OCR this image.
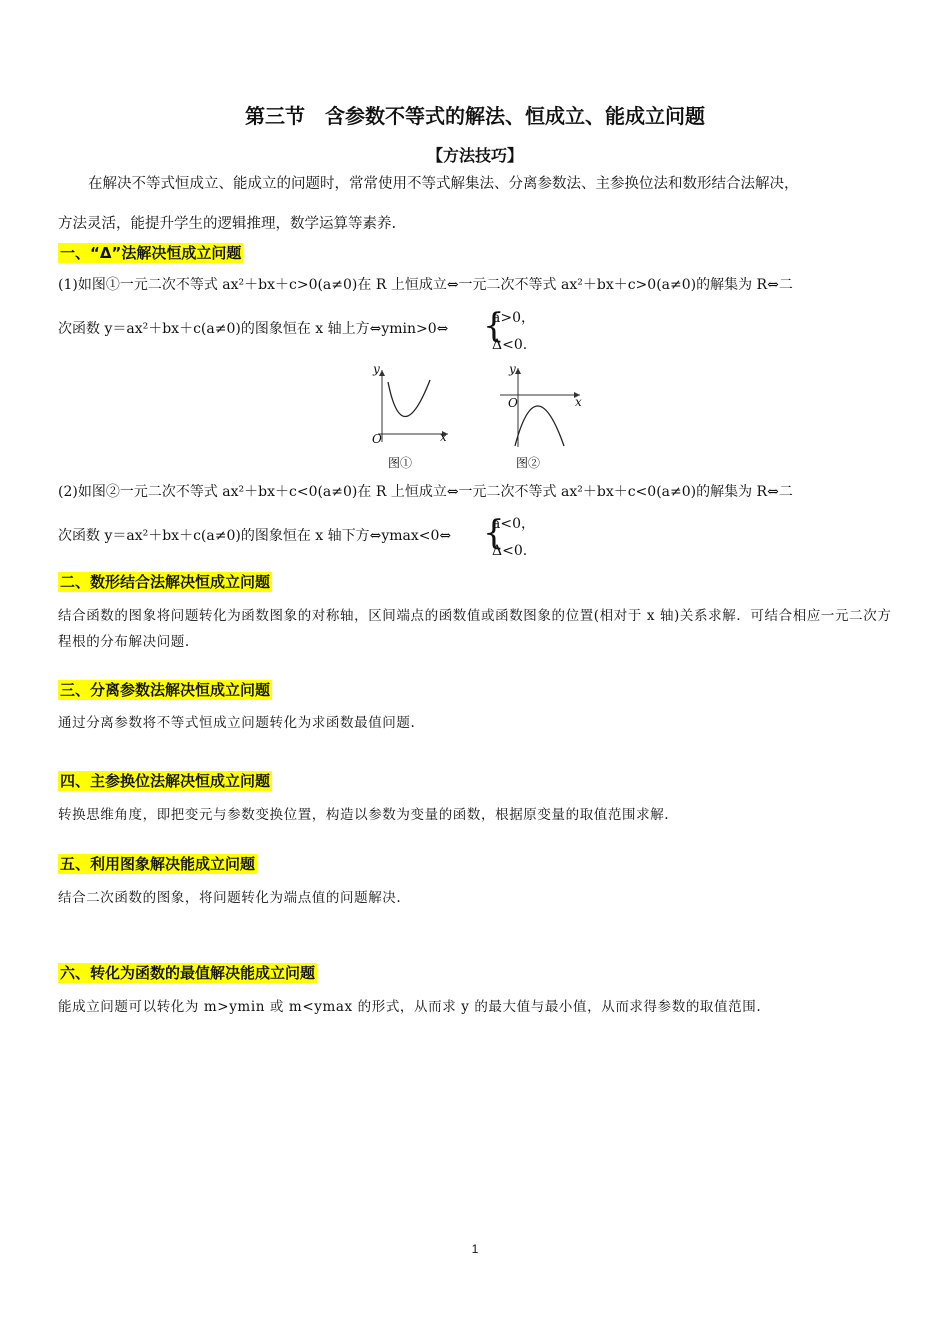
第三节　含参数不等式的解法、恒成立、能成立问题
【方法技巧】
在解决不等式恒成立、能成立的问题时，常常使用不等式解集法、分离参数法、主参换位法和数形结合法解决，
方法灵活，能提升学生的逻辑推理，数学运算等素养.
一、“Δ”法解决恒成立问题
(1)如图①一元二次不等式 ax²＋bx＋c>0(a≠0)在 R 上恒成立⇔一元二次不等式 ax²＋bx＋c>0(a≠0)的解集为 R⇔二
次函数 y＝ax²＋bx＋c(a≠0)的图象恒在 x 轴上方⇔ymin>0⇔	{
a>0，
Δ<0.
y
O	x
图①
y
O	x
图②
(2)如图②一元二次不等式 ax²＋bx＋c<0(a≠0)在 R 上恒成立⇔一元二次不等式 ax²＋bx＋c<0(a≠0)的解集为 R⇔二
次函数 y＝ax²＋bx＋c(a≠0)的图象恒在 x 轴下方⇔ymax<0⇔ {
a<0，
Δ<0.
二、数形结合法解决恒成立问题
结合函数的图象将问题转化为函数图象的对称轴，区间端点的函数值或函数图象的位置(相对于 x 轴)关系求解．可结合相应一元二次方程根的分布解决问题.
三、分离参数法解决恒成立问题
通过分离参数将不等式恒成立问题转化为求函数最值问题.
四、主参换位法解决恒成立问题
转换思维角度，即把变元与参数变换位置，构造以参数为变量的函数，根据原变量的取值范围求解.
五、利用图象解决能成立问题
结合二次函数的图象，将问题转化为端点值的问题解决.
六、转化为函数的最值解决能成立问题
能成立问题可以转化为 m>ymin 或 m<ymax 的形式，从而求 y 的最大值与最小值，从而求得参数的取值范围.
1
